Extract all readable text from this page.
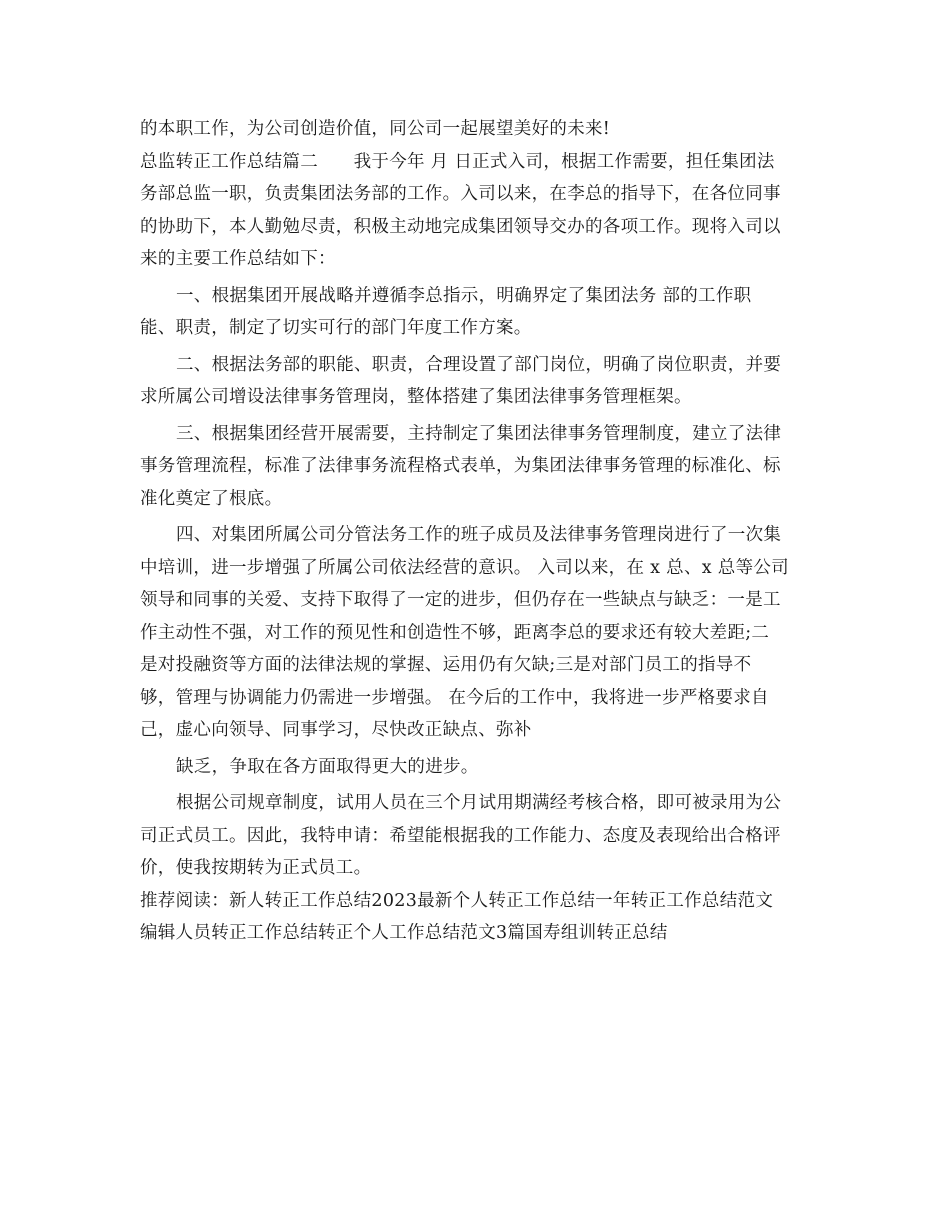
的本职工作，为公司创造价值，同公司一起展望美好的未来!
总监转正工作总结篇二　　我于今年 月 日正式入司，根据工作需要，担任集团法
务部总监一职，负责集团法务部的工作。入司以来，在李总的指导下，在各位同事
的协助下，本人勤勉尽责，积极主动地完成集团领导交办的各项工作。现将入司以
来的主要工作总结如下：
一、根据集团开展战略并遵循李总指示，明确界定了集团法务 部的工作职
能、职责，制定了切实可行的部门年度工作方案。
二、根据法务部的职能、职责，合理设置了部门岗位，明确了岗位职责，并要
求所属公司增设法律事务管理岗，整体搭建了集团法律事务管理框架。
三、根据集团经营开展需要，主持制定了集团法律事务管理制度，建立了法律
事务管理流程，标准了法律事务流程格式表单，为集团法律事务管理的标准化、标
准化奠定了根底。
四、对集团所属公司分管法务工作的班子成员及法律事务管理岗进行了一次集
中培训，进一步增强了所属公司依法经营的意识。 入司以来，在 x 总、x 总等公司
领导和同事的关爱、支持下取得了一定的进步，但仍存在一些缺点与缺乏：一是工
作主动性不强，对工作的预见性和创造性不够，距离李总的要求还有较大差距;二
是对投融资等方面的法律法规的掌握、运用仍有欠缺;三是对部门员工的指导不
够，管理与协调能力仍需进一步增强。 在今后的工作中，我将进一步严格要求自
己，虚心向领导、同事学习，尽快改正缺点、弥补
缺乏，争取在各方面取得更大的进步。
根据公司规章制度，试用人员在三个月试用期满经考核合格，即可被录用为公
司正式员工。因此，我特申请：希望能根据我的工作能力、态度及表现给出合格评
价，使我按期转为正式员工。
推荐阅读：新人转正工作总结2023最新个人转正工作总结一年转正工作总结范文
编辑人员转正工作总结转正个人工作总结范文3篇国寿组训转正总结
